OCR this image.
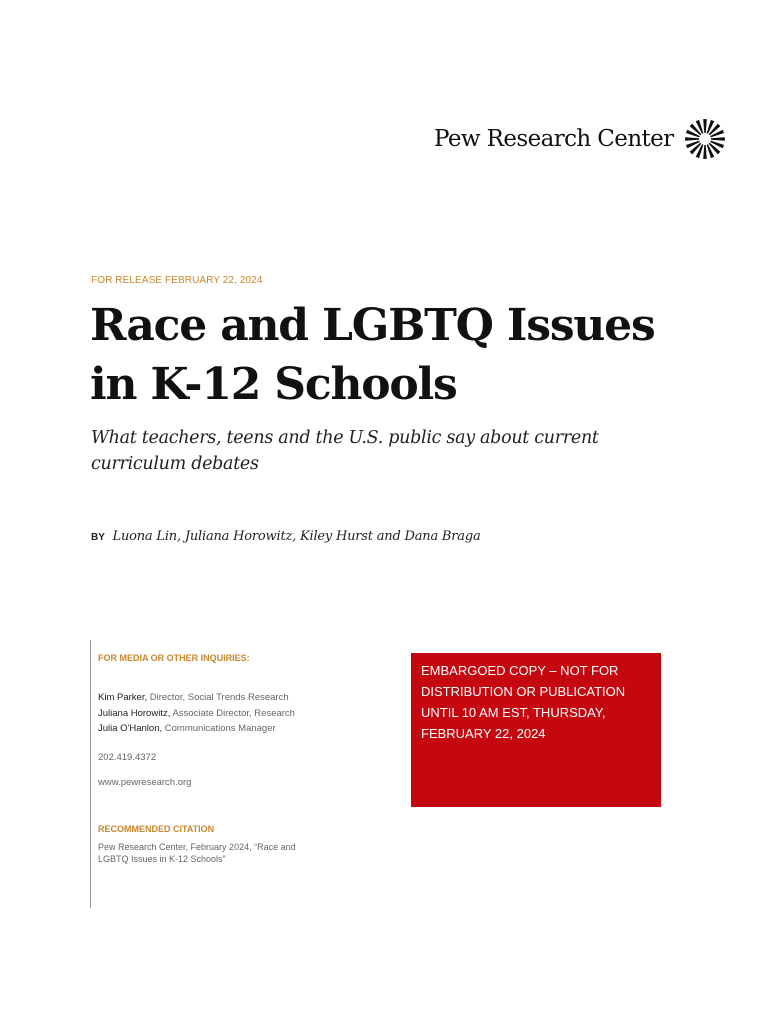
Pew Research Center
FOR RELEASE FEBRUARY 22, 2024
Race and LGBTQ Issues
in K-12 Schools
What teachers, teens and the U.S. public say about current
curriculum debates
BY Luona Lin, Juliana Horowitz, Kiley Hurst and Dana Braga
FOR MEDIA OR OTHER INQUIRIES:
Kim Parker, Director, Social Trends Research
Juliana Horowitz, Associate Director, Research
Julia O'Hanlon, Communications Manager
202.419.4372
www.pewresearch.org
RECOMMENDED CITATION
Pew Research Center, February 2024, “Race and LGBTQ Issues in K-12 Schools”

EMBARGOED COPY – NOT FOR DISTRIBUTION OR PUBLICATION UNTIL 10 AM EST, THURSDAY, FEBRUARY 22, 2024
